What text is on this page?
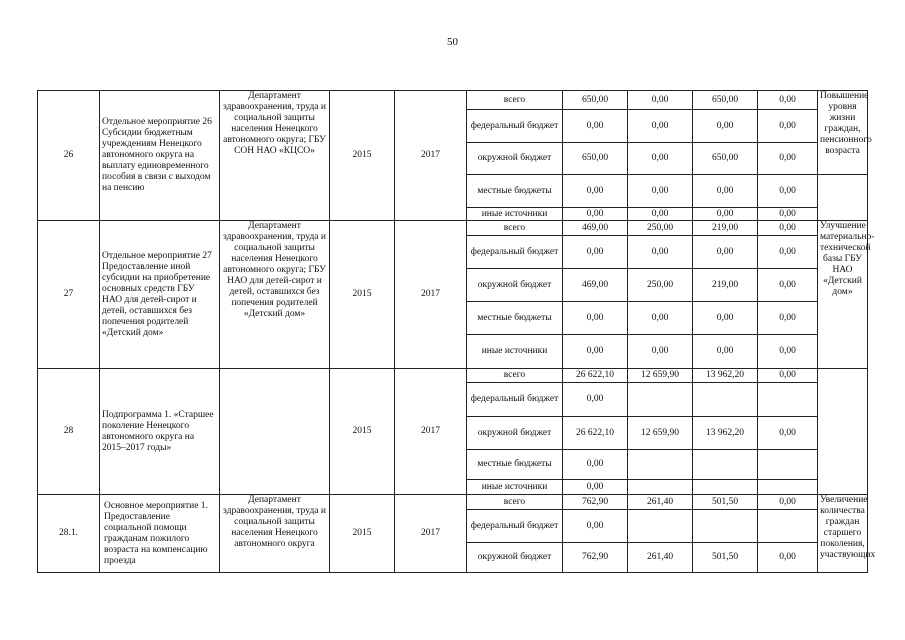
50
26	Отдельное мероприятие 26 Субсидии бюджетным учреждениям Ненецкого автономного округа на выплату единовременного пособия в связи с выходом на пенсию	Департамент здравоохранения, труда и социальной защиты населения Ненецкого автономного округа; ГБУ СОН НАО «КЦСО»	2015	2017	всего	650,00	0,00	650,00	0,00	Повышение уровня жизни граждан, пенсионного возраста
					федеральный бюджет	0,00	0,00	0,00	0,00	
					окружной бюджет	650,00	0,00	650,00	0,00	
					местные бюджеты	0,00	0,00	0,00	0,00	
					иные источники	0,00	0,00	0,00	0,00	
27	Отдельное мероприятие 27 Предоставление иной субсидии на приобретение основных средств ГБУ НАО для детей-сирот и детей, оставшихся без попечения родителей «Детский дом»	Департамент здравоохранения, труда и социальной защиты населения Ненецкого автономного округа; ГБУ НАО для детей-сирот и детей, оставшихся без попечения родителей «Детский дом»	2015	2017	всего	469,00	250,00	219,00	0,00	Улучшение материально-технической базы ГБУ НАО «Детский дом»
					федеральный бюджет	0,00	0,00	0,00	0,00	
					окружной бюджет	469,00	250,00	219,00	0,00	
					местные бюджеты	0,00	0,00	0,00	0,00	
					иные источники	0,00	0,00	0,00	0,00	
28	Подпрограмма 1. «Старшее поколение Ненецкого автономного округа на 2015–2017 годы»		2015	2017	всего	26 622,10	12 659,90	13 962,20	0,00	
					федеральный бюджет	0,00				
					окружной бюджет	26 622,10	12 659,90	13 962,20	0,00	
					местные бюджеты	0,00				
					иные источники	0,00				
28.1.	Основное мероприятие 1. Предоставление социальной помощи гражданам пожилого возраста на компенсацию проезда	Департамент здравоохранения, труда и социальной защиты населения Ненецкого автономного округа	2015	2017	всего	762,90	261,40	501,50	0,00	Увеличение количества граждан старшего поколения, участвующих
					федеральный бюджет	0,00				
					окружной бюджет	762,90	261,40	501,50	0,00	
